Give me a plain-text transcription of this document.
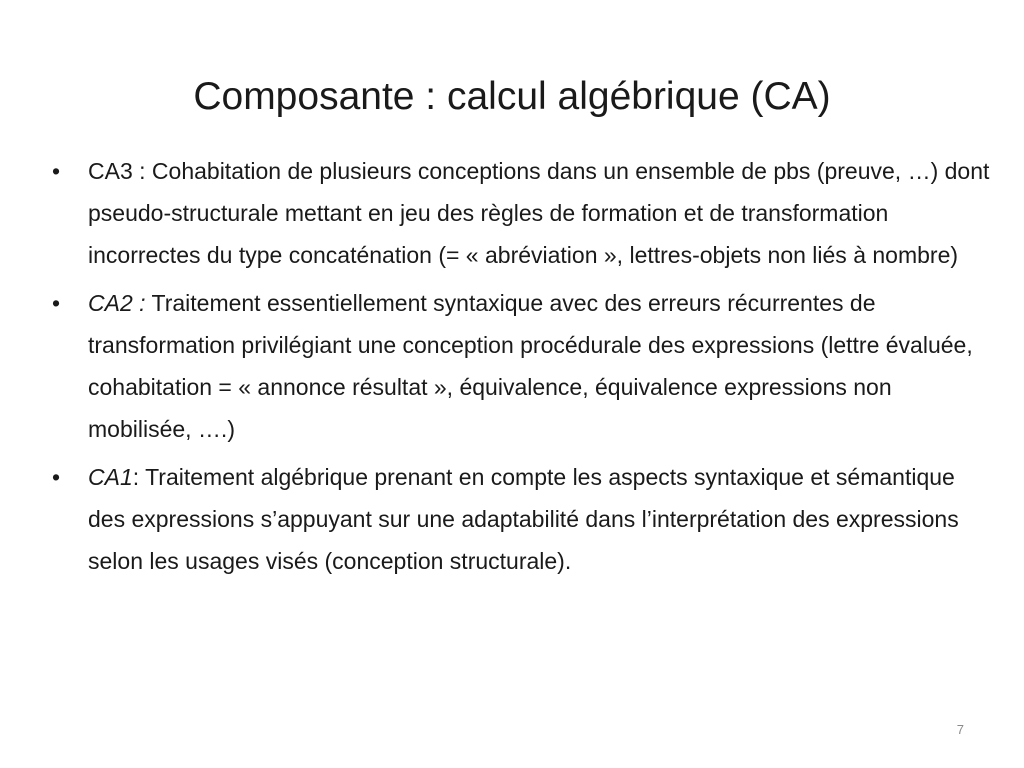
Composante : calcul algébrique (CA)
•	CA3 : Cohabitation de plusieurs conceptions dans un ensemble de pbs (preuve, …) dont pseudo-structurale mettant en jeu des règles de formation et de transformation incorrectes du type concaténation (= « abréviation », lettres-objets non liés à nombre)
•	CA2 : Traitement essentiellement syntaxique avec des erreurs récurrentes de transformation privilégiant une conception procédurale des expressions (lettre évaluée, cohabitation = « annonce résultat », équivalence, équivalence expressions non mobilisée, ….)
•	CA1: Traitement algébrique prenant en compte les aspects syntaxique et sémantique des expressions s’appuyant sur une adaptabilité dans l’interprétation des expressions selon les usages visés (conception structurale).
7
